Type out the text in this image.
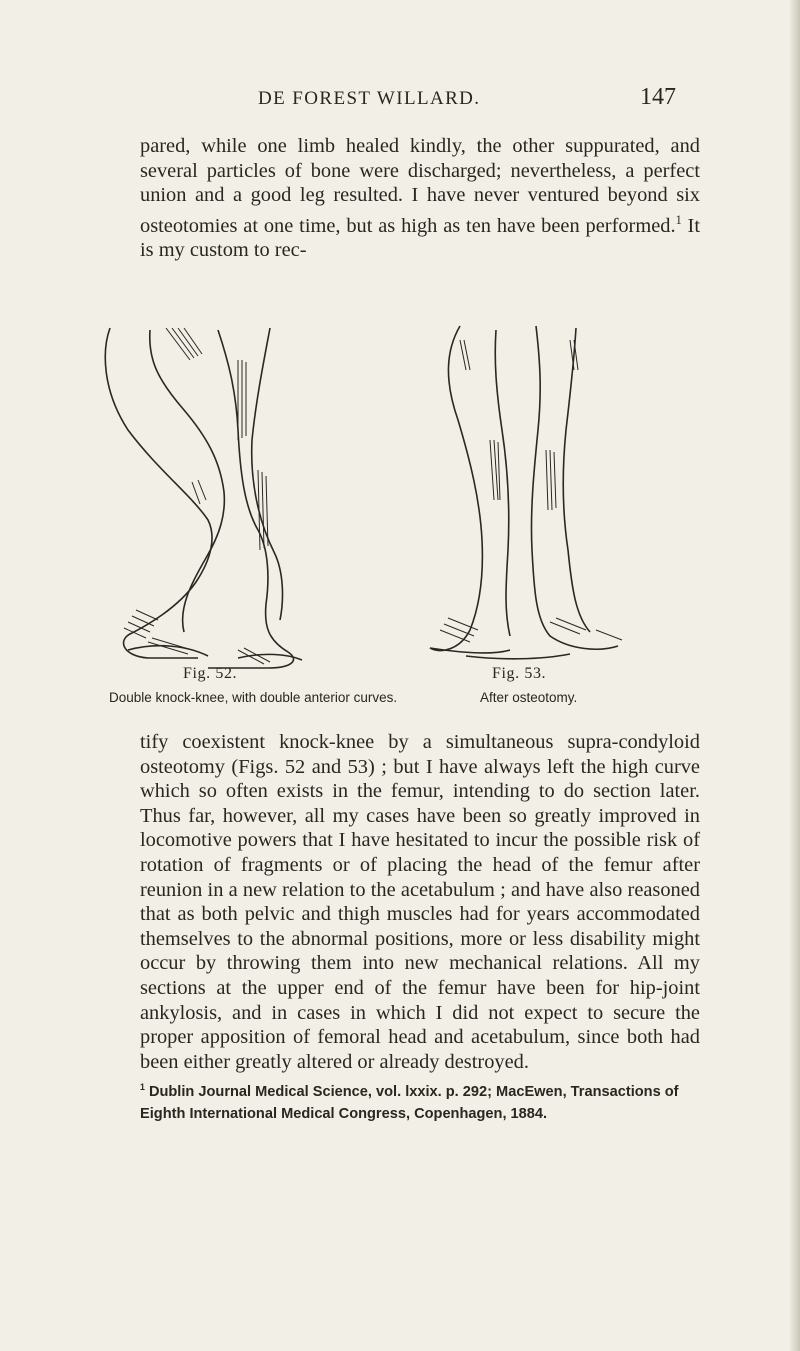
DE FOREST WILLARD.	147

pared, while one limb healed kindly, the other suppurated, and several particles of bone were discharged; nevertheless, a perfect union and a good leg resulted. I have never ventured beyond six osteotomies at one time, but as high as ten have been performed.$^1$ It is my custom to rec-

Fig. 52.
Double knock-knee, with double anterior curves.
Fig. 53.
After osteotomy.

tify coexistent knock-knee by a simultaneous supra-condyloid osteotomy (Figs. 52 and 53) ; but I have always left the high curve which so often exists in the femur, intending to do section later. Thus far, however, all my cases have been so greatly improved in locomotive powers that I have hesitated to incur the possible risk of rotation of fragments or of placing the head of the femur after reunion in a new relation to the acetabulum ; and have also reasoned that as both pelvic and thigh muscles had for years accommodated themselves to the abnormal positions, more or less disability might occur by throwing them into new mechanical relations. All my sections at the upper end of the femur have been for hip-joint ankylosis, and in cases in which I did not expect to secure the proper apposition of femoral head and acetabulum, since both had been either greatly altered or already destroyed.

$^1$ Dublin Journal Medical Science, vol. lxxix. p. 292; MacEwen, Transactions of Eighth International Medical Congress, Copenhagen, 1884.
